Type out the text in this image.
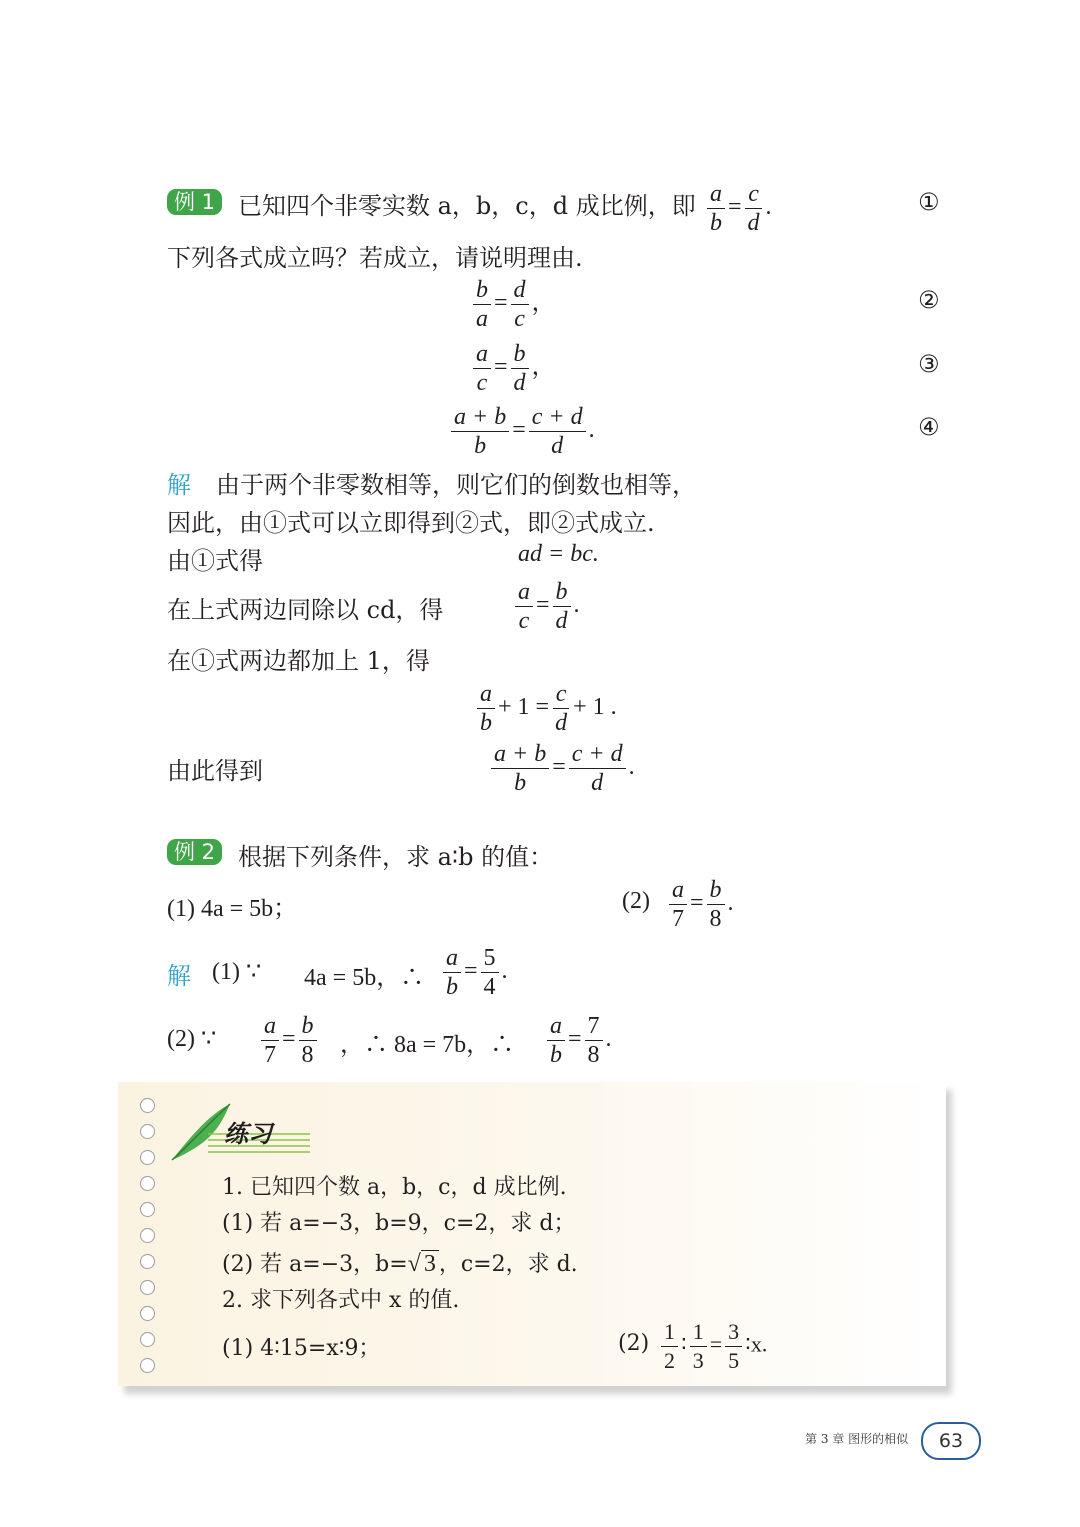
例 1 已知四个非零实数 a，b，c，d 成比例，即 $\frac{a}{b} = \frac{c}{d}$ .	①
下列各式成立吗？若成立，请说明理由.
$\frac{b}{a} = \frac{d}{c}$ ，	②
$\frac{a}{c} = \frac{b}{d}$ ，	③
$\frac{a + b}{b} = \frac{c + d}{d}$ .	④
解 由于两个非零数相等，则它们的倒数也相等，
因此，由①式可以立即得到②式，即②式成立.
由①式得	ad = bc.
在上式两边同除以 cd，得	$\frac{a}{c} = \frac{b}{d}$ .
在①式两边都加上 1，得
$\frac{a}{b} + 1 = \frac{c}{d} + 1$ .
由此得到	$\frac{a + b}{b} = \frac{c + d}{d}$ .
例 2 根据下列条件，求 a∶b 的值：
(1) 4a = 5b；	$(2) \frac{a}{7} = \frac{b}{8}$ .
解 (1) ∵ 4a = 5b，∴ $\frac{a}{b} = \frac{5}{4}$ .
(2) ∵ $\frac{a}{7} = \frac{b}{8}$ ，∴ 8a = 7b，∴ $\frac{a}{b} = \frac{7}{8}$ .
练习
1. 已知四个数 a，b，c，d 成比例.
(1) 若 a=−3，b=9，c=2，求 d；
(2) 若 a=−3，b=√ 3 ，c=2，求 d.
2. 求下列各式中 x 的值.
(1) 4∶15=x∶9；	$(2) \frac{1}{2}$ ∶ $\frac{1}{3} = \frac{3}{5}$ ∶x.
第 3 章 图形的相似	63
